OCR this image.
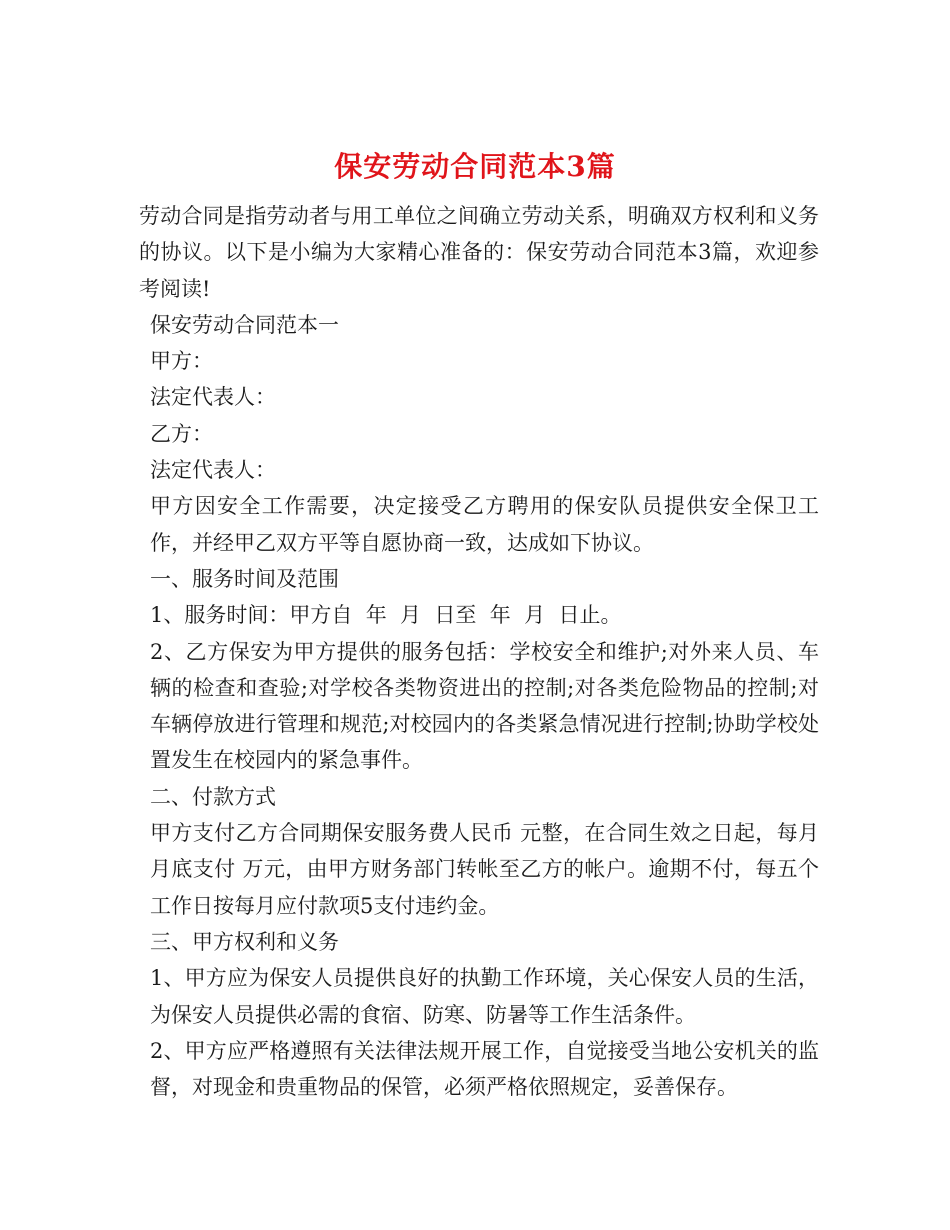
保安劳动合同范本3篇

劳动合同是指劳动者与用工单位之间确立劳动关系，明确双方权利和义务的协议。以下是小编为大家精心准备的：保安劳动合同范本3篇，欢迎参考阅读!

保安劳动合同范本一

甲方：

法定代表人：

乙方：

法定代表人：

甲方因安全工作需要，决定接受乙方聘用的保安队员提供安全保卫工作，并经甲乙双方平等自愿协商一致，达成如下协议。

一、服务时间及范围

1、服务时间：甲方自  年  月  日至  年  月  日止。

2、乙方保安为甲方提供的服务包括：学校安全和维护;对外来人员、车辆的检查和查验;对学校各类物资进出的控制;对各类危险物品的控制;对车辆停放进行管理和规范;对校园内的各类紧急情况进行控制;协助学校处置发生在校园内的紧急事件。

二、付款方式

甲方支付乙方合同期保安服务费人民币 元整，在合同生效之日起，每月月底支付 万元，由甲方财务部门转帐至乙方的帐户。逾期不付，每五个工作日按每月应付款项5支付违约金。

三、甲方权利和义务

1、甲方应为保安人员提供良好的执勤工作环境，关心保安人员的生活，为保安人员提供必需的食宿、防寒、防暑等工作生活条件。

2、甲方应严格遵照有关法律法规开展工作，自觉接受当地公安机关的监督，对现金和贵重物品的保管，必须严格依照规定，妥善保存。
